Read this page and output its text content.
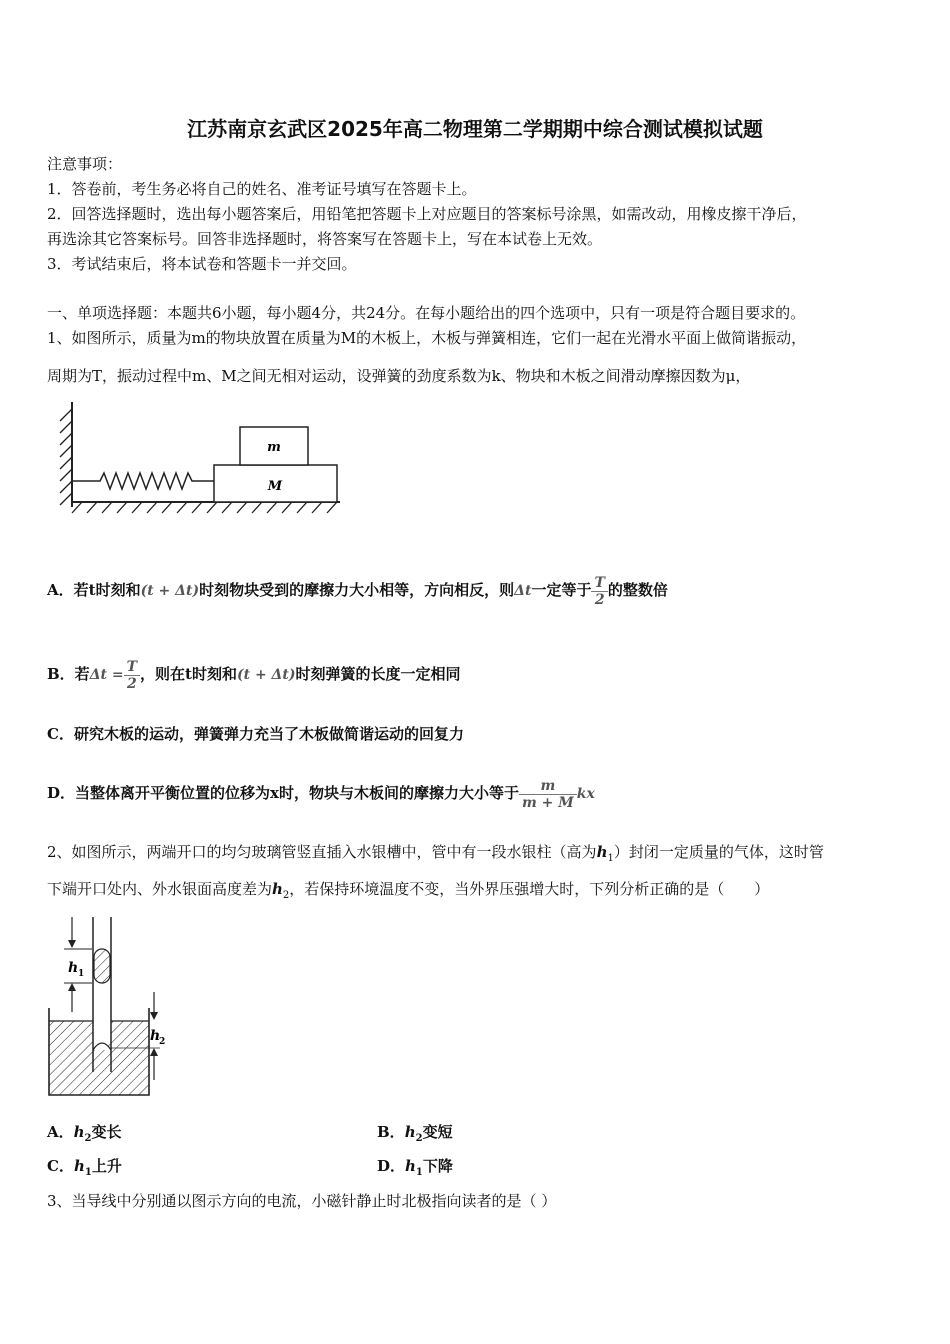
江苏南京玄武区2025年高二物理第二学期期中综合测试模拟试题
注意事项：
1．答卷前，考生务必将自己的姓名、准考证号填写在答题卡上。
2．回答选择题时，选出每小题答案后，用铅笔把答题卡上对应题目的答案标号涂黑，如需改动，用橡皮擦干净后，
再选涂其它答案标号。回答非选择题时，将答案写在答题卡上，写在本试卷上无效。
3．考试结束后，将本试卷和答题卡一并交回。
一、单项选择题：本题共6小题，每小题4分，共24分。在每小题给出的四个选项中，只有一项是符合题目要求的。
1、如图所示，质量为m的物块放置在质量为M的木板上，木板与弹簧相连，它们一起在光滑水平面上做简谐振动，
周期为T，振动过程中m、M之间无相对运动，设弹簧的劲度系数为k、物块和木板之间滑动摩擦因数为μ，
M
m
A．若t时刻和(t + Δt)时刻物块受到的摩擦力大小相等，方向相反，则Δt一定等于 $\frac{T}{2}$ 的整数倍
B．若$\Delta t = \frac{T}{2}$ ，则在t时刻和(t + Δt)时刻弹簧的长度一定相同
C．研究木板的运动，弹簧弹力充当了木板做简谐运动的回复力
D．当整体离开平衡位置的位移为x时，物块与木板间的摩擦力大小等于 $\frac{m}{m + M}$ kx
2、如图所示，两端开口的均匀玻璃管竖直插入水银槽中，管中有一段水银柱（高为$h_1$）封闭一定质量的气体，这时管
下端开口处内、外水银面高度差为$h_2$，若保持环境温度不变，当外界压强增大时，下列分析正确的是（　　）
h 1
h
2
A．$h_2$变长	B．$h_2$变短
C．$h_1$上升	D．$h_1$下降
3、当导线中分别通以图示方向的电流，小磁针静止时北极指向读者的是（ ）
